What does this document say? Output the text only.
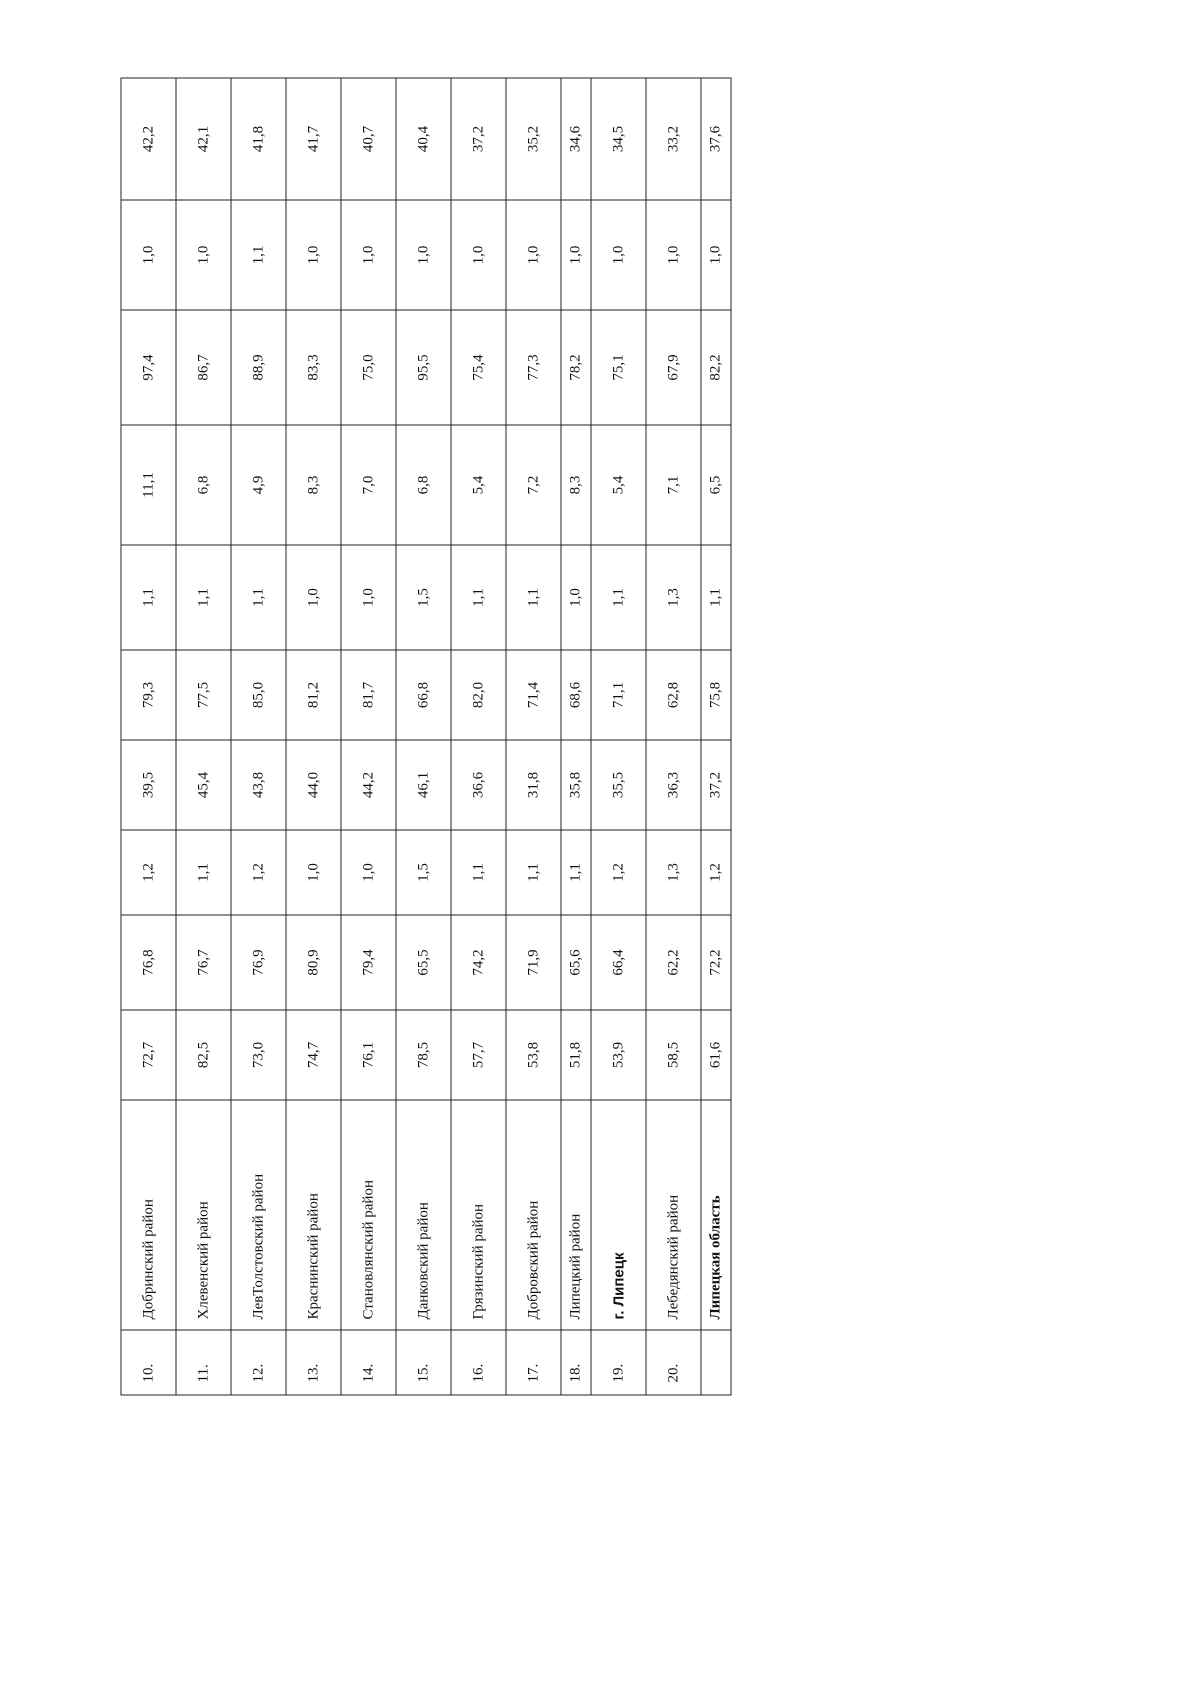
10.	Добринский район	72,7	76,8	1,2	39,5	79,3	1,1	11,1	97,4	1,0	42,2
11.	Хлевенский район	82,5	76,7	1,1	45,4	77,5	1,1	6,8	86,7	1,0	42,1
12.	ЛевТолстовский район	73,0	76,9	1,2	43,8	85,0	1,1	4,9	88,9	1,1	41,8
13.	Краснинский район	74,7	80,9	1,0	44,0	81,2	1,0	8,3	83,3	1,0	41,7
14.	Становлянский район	76,1	79,4	1,0	44,2	81,7	1,0	7,0	75,0	1,0	40,7
15.	Данковский район	78,5	65,5	1,5	46,1	66,8	1,5	6,8	95,5	1,0	40,4
16.	Грязинский район	57,7	74,2	1,1	36,6	82,0	1,1	5,4	75,4	1,0	37,2
17.	Добровский район	53,8	71,9	1,1	31,8	71,4	1,1	7,2	77,3	1,0	35,2
18.	Липецкий район	51,8	65,6	1,1	35,8	68,6	1,0	8,3	78,2	1,0	34,6
19.	г. Липецк	53,9	66,4	1,2	35,5	71,1	1,1	5,4	75,1	1,0	34,5
20.	Лебедянский район	58,5	62,2	1,3	36,3	62,8	1,3	7,1	67,9	1,0	33,2
	Липецкая область	61,6	72,2	1,2	37,2	75,8	1,1	6,5	82,2	1,0	37,6
